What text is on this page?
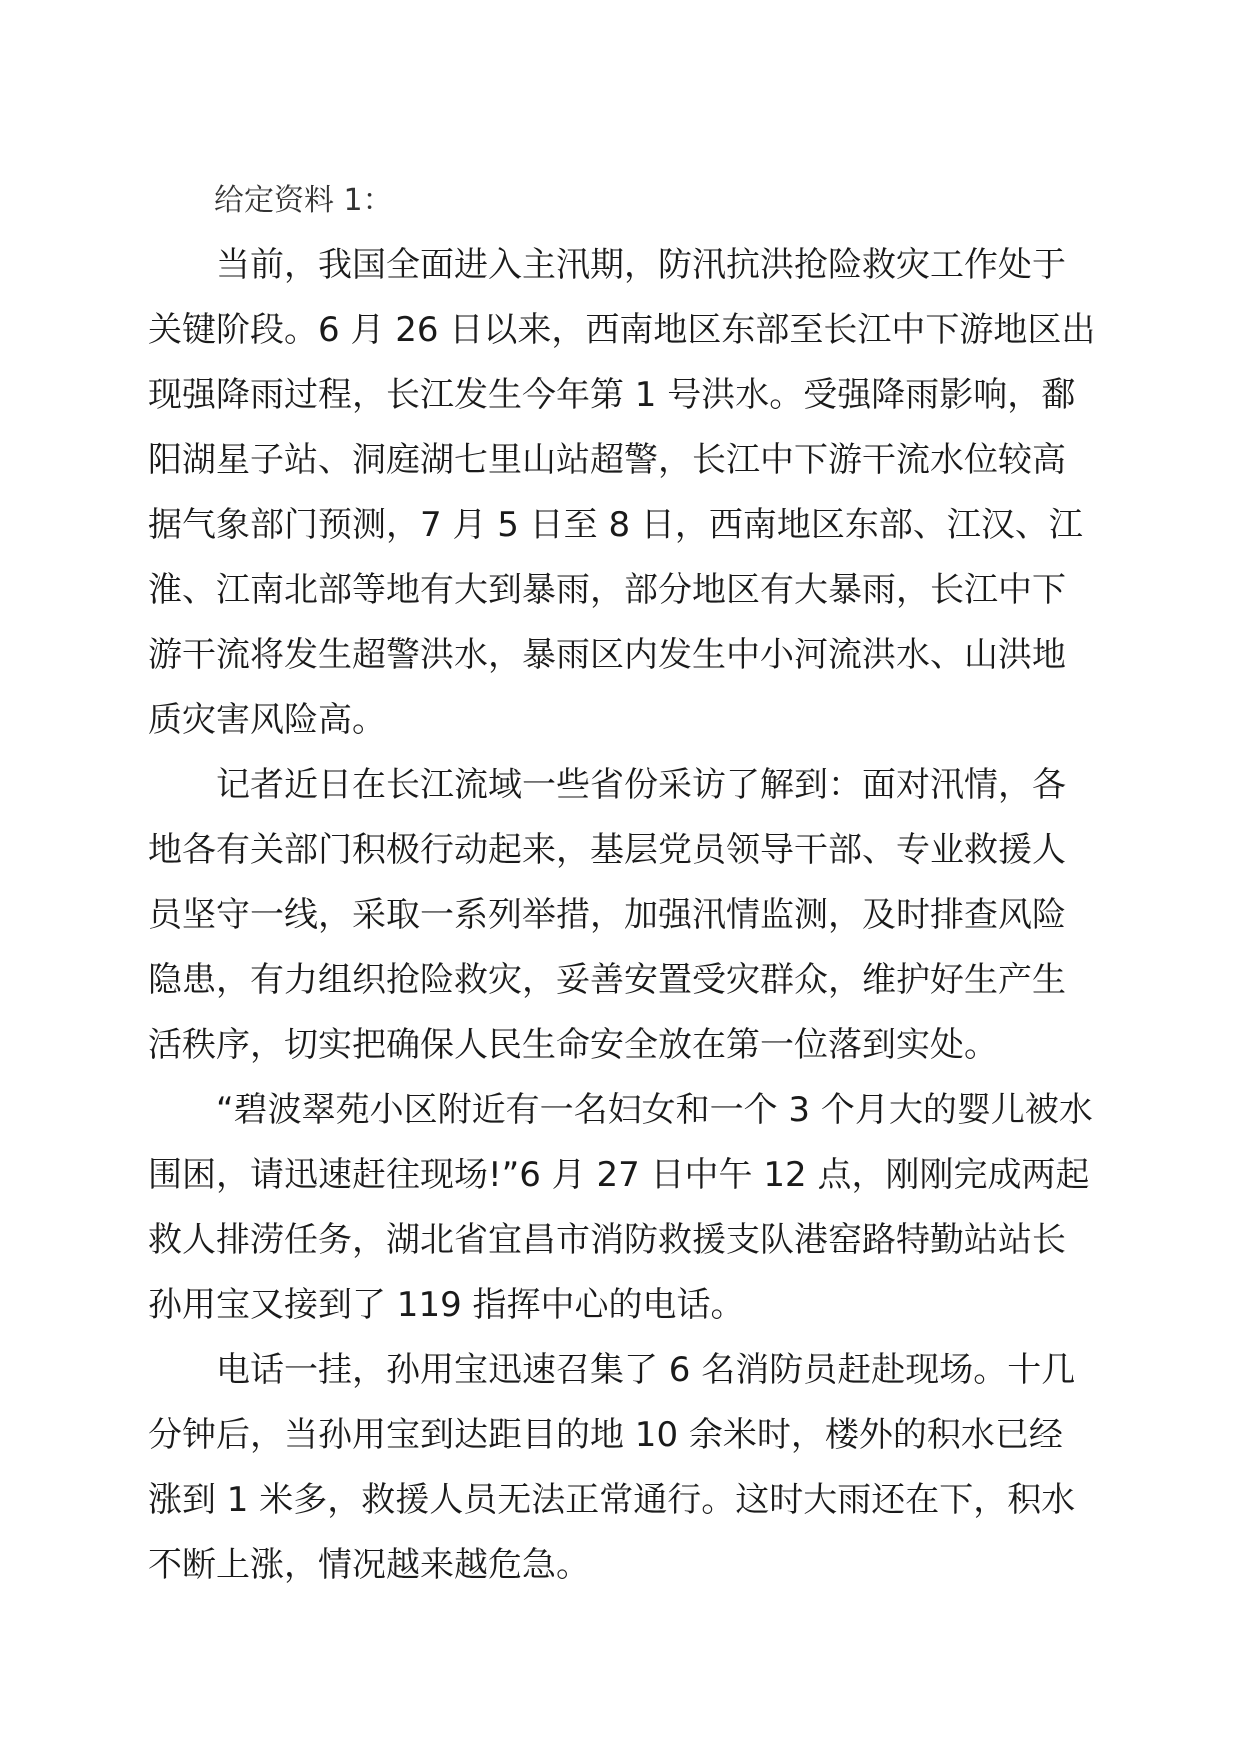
给定资料 1：

当前，我国全面进入主汛期，防汛抗洪抢险救灾工作处于
关键阶段。6 月 26 日以来，西南地区东部至长江中下游地区出
现强降雨过程，长江发生今年第 1 号洪水。受强降雨影响，鄱
阳湖星子站、洞庭湖七里山站超警，长江中下游干流水位较高
据气象部门预测，7 月 5 日至 8 日，西南地区东部、江汉、江
淮、江南北部等地有大到暴雨，部分地区有大暴雨，长江中下
游干流将发生超警洪水，暴雨区内发生中小河流洪水、山洪地
质灾害风险高。

记者近日在长江流域一些省份采访了解到：面对汛情，各
地各有关部门积极行动起来，基层党员领导干部、专业救援人
员坚守一线，采取一系列举措，加强汛情监测，及时排查风险
隐患，有力组织抢险救灾，妥善安置受灾群众，维护好生产生
活秩序，切实把确保人民生命安全放在第一位落到实处。

“碧波翠苑小区附近有一名妇女和一个 3 个月大的婴儿被水
围困，请迅速赶往现场!”6 月 27 日中午 12 点，刚刚完成两起
救人排涝任务，湖北省宜昌市消防救援支队港窑路特勤站站长
孙用宝又接到了 119 指挥中心的电话。

电话一挂，孙用宝迅速召集了 6 名消防员赶赴现场。十几
分钟后，当孙用宝到达距目的地 10 余米时，楼外的积水已经
涨到 1 米多，救援人员无法正常通行。这时大雨还在下，积水
不断上涨，情况越来越危急。
